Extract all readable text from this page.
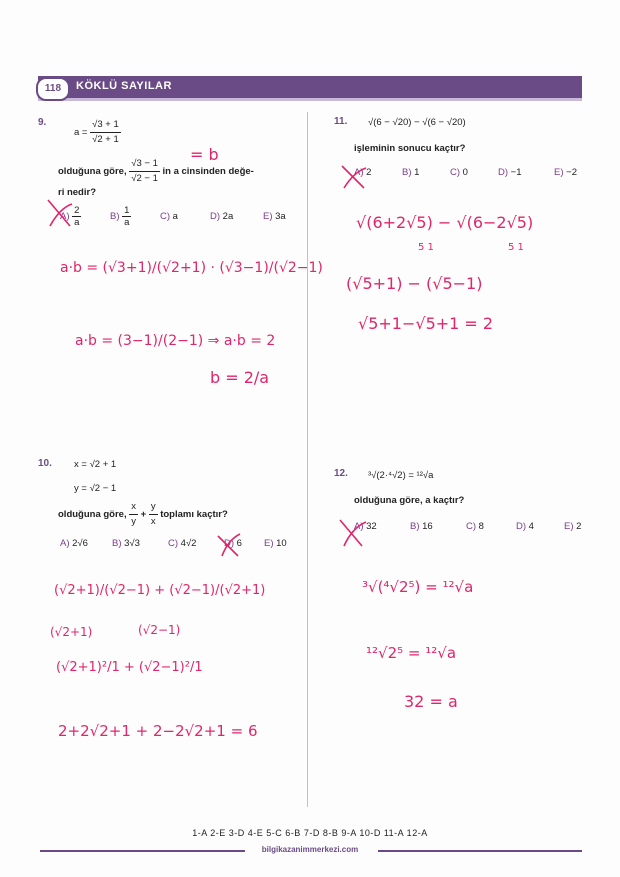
118	KÖKLÜ SAYILAR
9.
$a = \frac{√3 + 1}{√2 + 1}$
olduğuna göre, $\frac{√3 - 1}{√2 - 1}$ in a cinsinden değe-
ri nedir?
$A) \frac{2}{a}$	$B) \frac{1}{a}$	C) a	D) 2a	E) 3a
10. x = √2 + 1
y = √2 − 1
olduğuna göre, $\frac{x}{y} + \frac{y}{x}$ toplamı kaçtır?
A) 2√6	B) 3√3	C) 4√2	D) 6 E) 10
11. √(6 − √20) − √(6 − √20)
işleminin sonucu kaçtır?
A) 2	B) 1	C) 0	D) −1	E) −2
12. ³√(2·⁴√2) = ¹²√a
olduğuna göre, a kaçtır?
A) 32	B) 16	C) 8	D) 4	E) 2
= b
a·b = (√3+1)/(√2+1) · (√3−1)/(√2−1)
a·b = (3−1)/(2−1) ⇒ a·b = 2
b = 2/a
(√2+1)/(√2−1) + (√2−1)/(√2+1)
(√2+1)	(√2−1)
(√2+1)²/1 + (√2−1)²/1
2+2√2+1 + 2−2√2+1 = 6
√(6+2√5) − √(6−2√5)
5 1	5 1
(√5+1) − (√5−1)
√5+1−√5+1 = 2
³√(⁴√2⁵) = ¹²√a
¹²√2⁵ = ¹²√a
32 = a
1-A 2-E 3-D 4-E 5-C 6-B 7-D 8-B 9-A 10-D 11-A 12-A
bilgikazanimmerkezi.com
